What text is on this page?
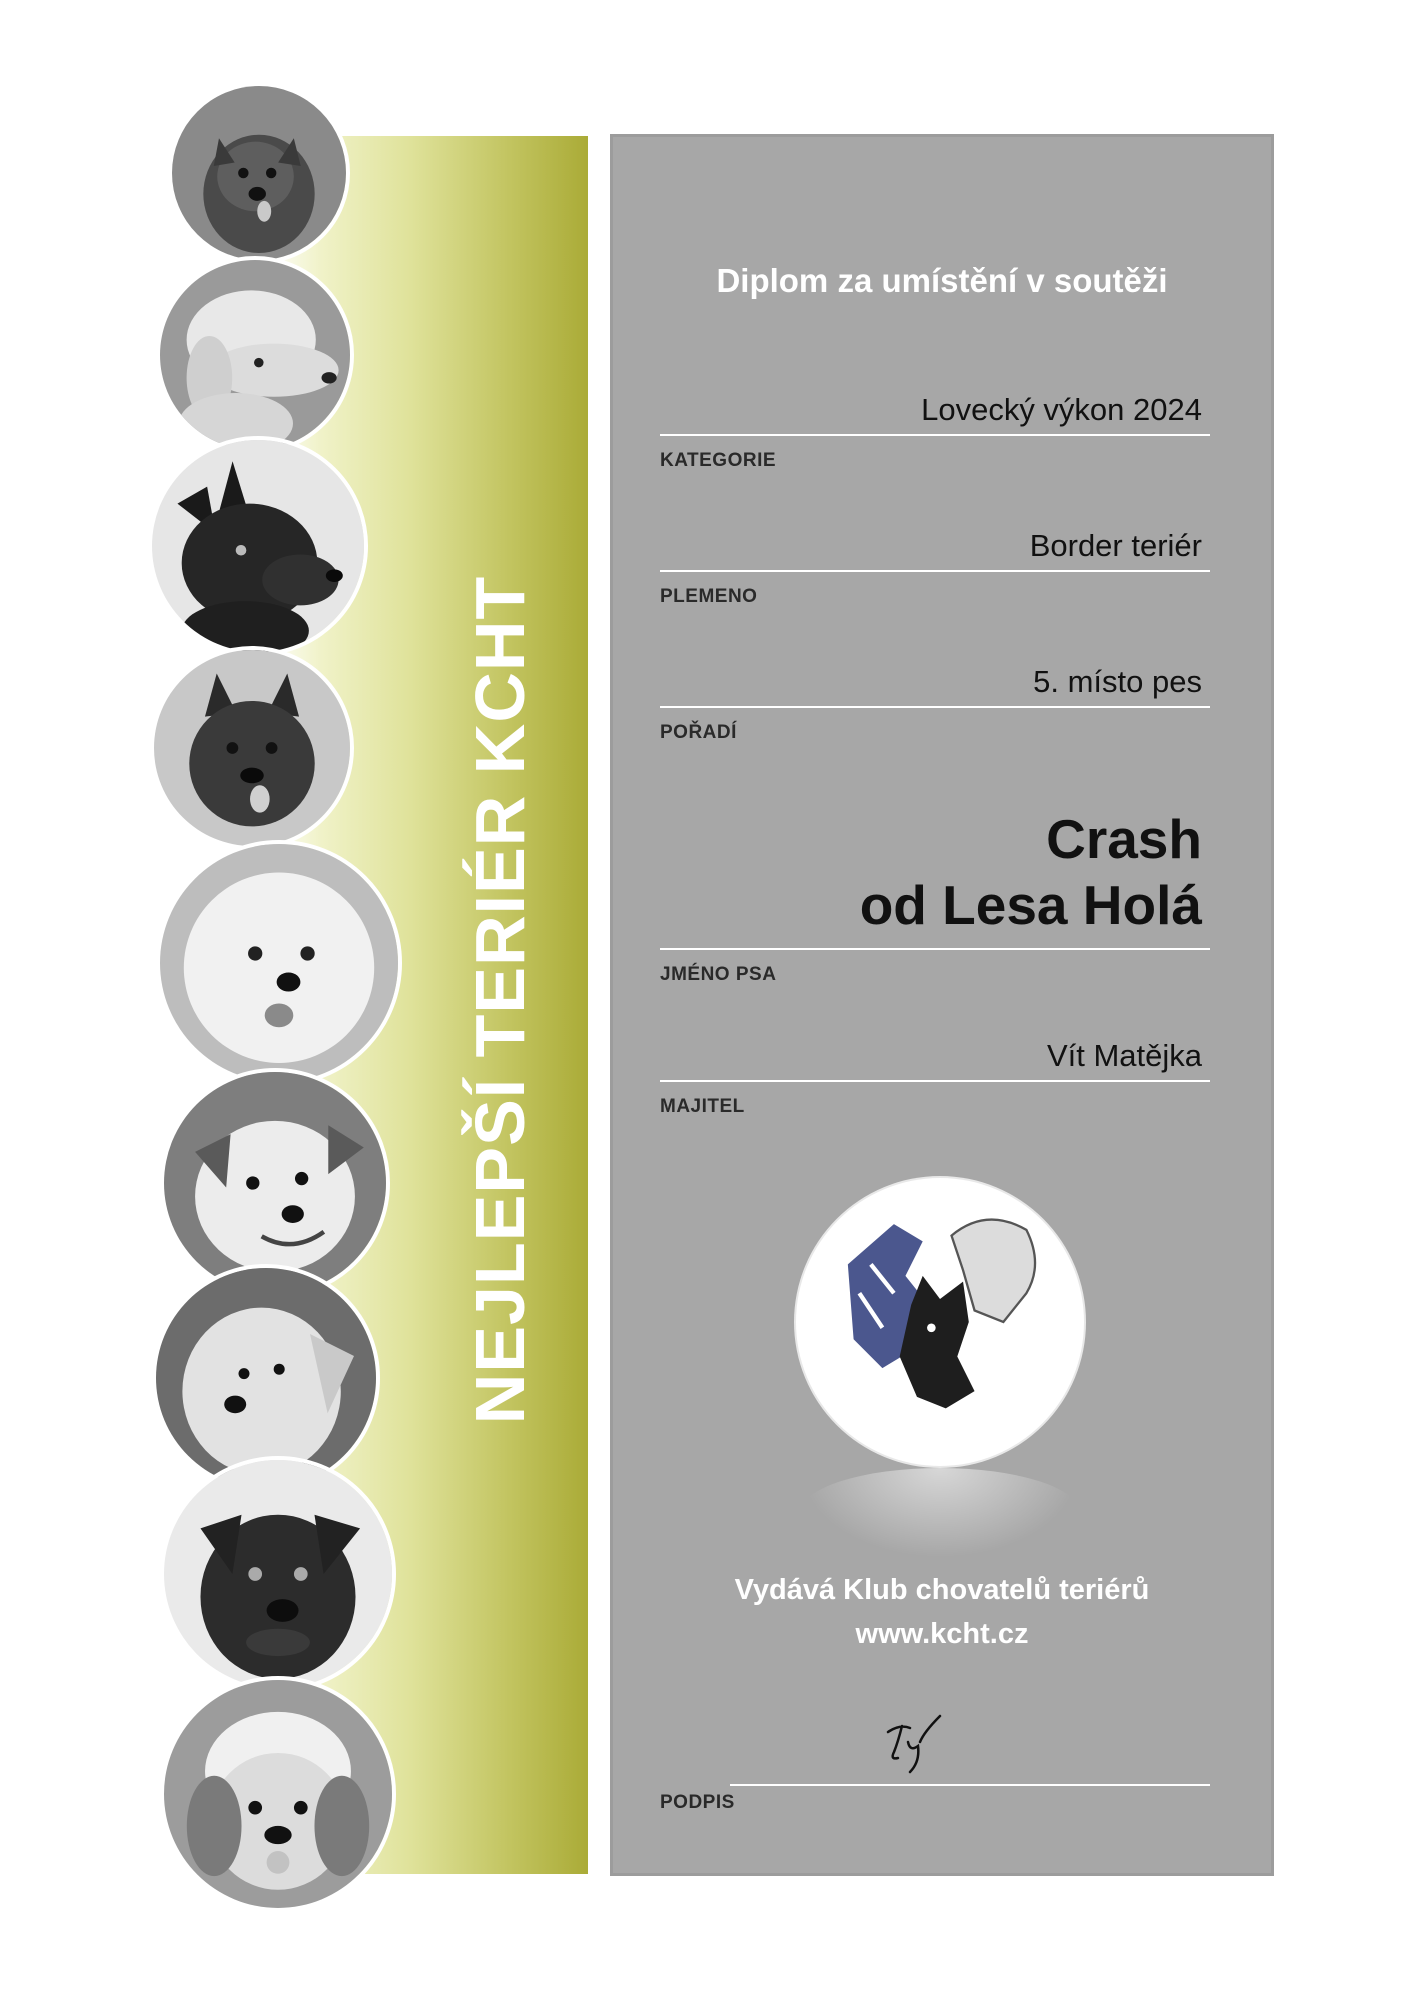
NEJLEPŠÍ TERIÉR KCHT
Diplom za umístění v soutěži
Lovecký výkon 2024
KATEGORIE
Border teriér
PLEMENO
5. místo pes
POŘADÍ
Crash
od Lesa Holá
JMÉNO PSA
Vít Matějka
MAJITEL
Vydává Klub chovatelů teriérů
www.kcht.cz
PODPIS
